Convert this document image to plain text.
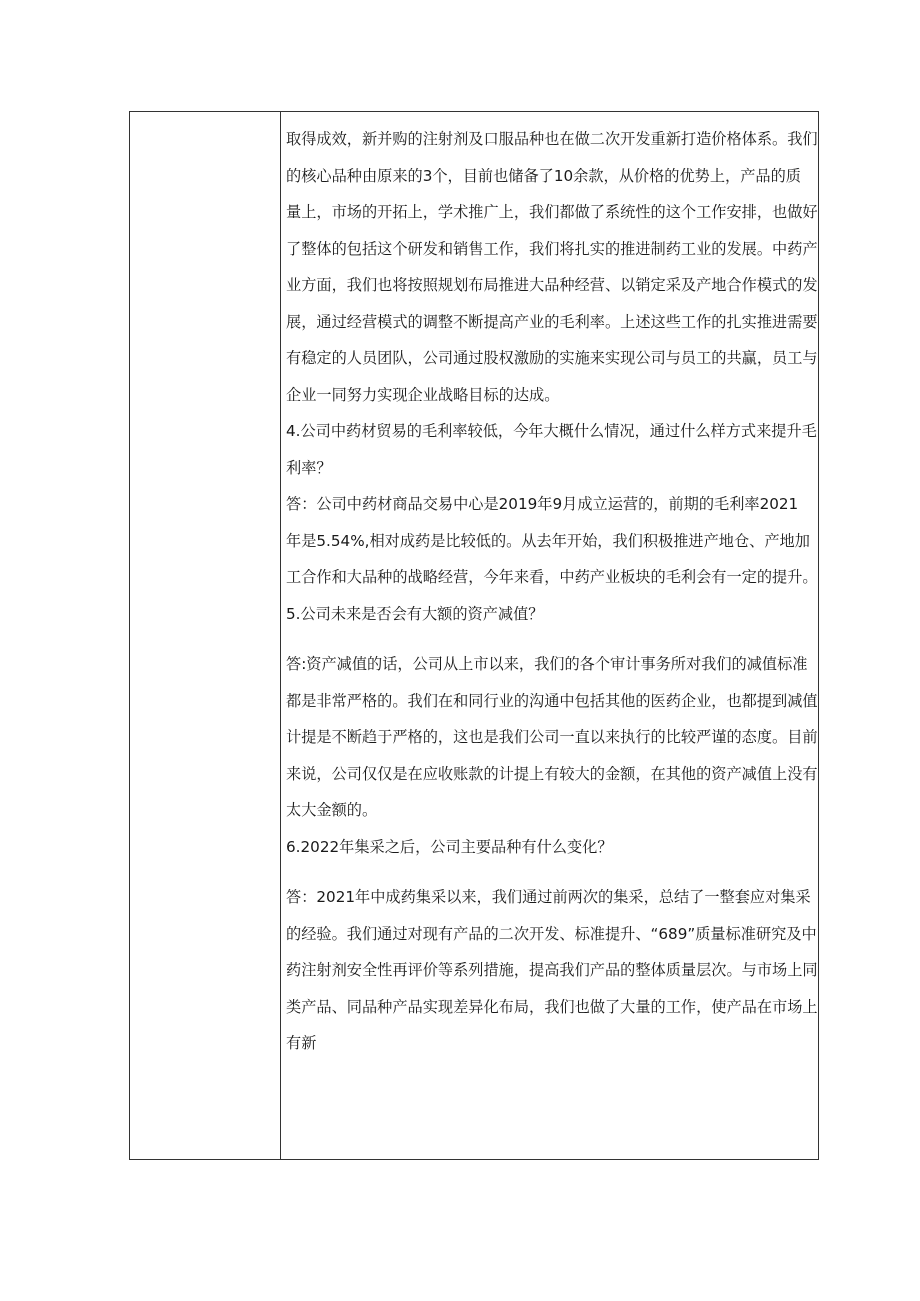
取得成效，新并购的注射剂及口服品种也在做二次开发重新打造价格体系。我们
的核心品种由原来的3个，目前也储备了10余款，从价格的优势上，产品的质
量上，市场的开拓上，学术推广上，我们都做了系统性的这个工作安排，也做好
了整体的包括这个研发和销售工作，我们将扎实的推进制药工业的发展。中药产
业方面，我们也将按照规划布局推进大品种经营、以销定采及产地合作模式的发
展，通过经营模式的调整不断提高产业的毛利率。上述这些工作的扎实推进需要
有稳定的人员团队，公司通过股权激励的实施来实现公司与员工的共赢，员工与
企业一同努力实现企业战略目标的达成。
4.公司中药材贸易的毛利率较低，今年大概什么情况，通过什么样方式来提升毛
利率？
答：公司中药材商品交易中心是2019年9月成立运营的，前期的毛利率2021
年是5.54%,相对成药是比较低的。从去年开始，我们积极推进产地仓、产地加
工合作和大品种的战略经营，今年来看，中药产业板块的毛利会有一定的提升。
5.公司未来是否会有大额的资产减值？
答:资产减值的话，公司从上市以来，我们的各个审计事务所对我们的减值标准
都是非常严格的。我们在和同行业的沟通中包括其他的医药企业，也都提到减值
计提是不断趋于严格的，这也是我们公司一直以来执行的比较严谨的态度。目前
来说，公司仅仅是在应收账款的计提上有较大的金额，在其他的资产减值上没有
太大金额的。
6.2022年集采之后，公司主要品种有什么变化？
答：2021年中成药集采以来，我们通过前两次的集采，总结了一整套应对集采
的经验。我们通过对现有产品的二次开发、标准提升、“689”质量标准研究及中
药注射剂安全性再评价等系列措施，提高我们产品的整体质量层次。与市场上同
类产品、同品种产品实现差异化布局，我们也做了大量的工作，使产品在市场上
有新
